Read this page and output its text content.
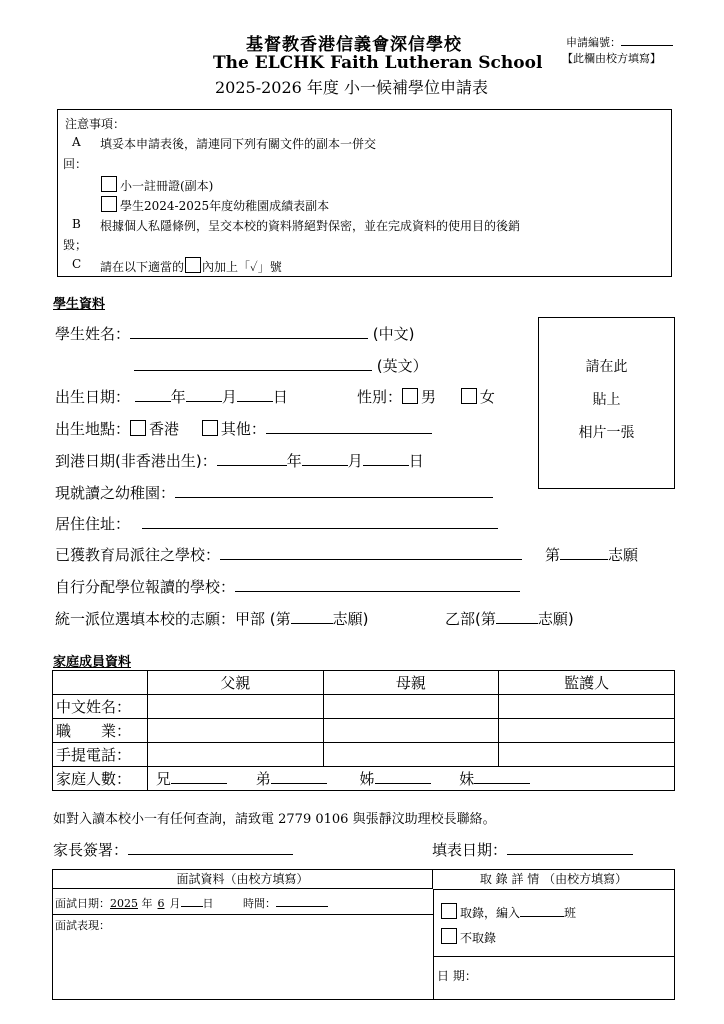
基督教香港信義會深信學校
The ELCHK Faith Lutheran School
2025-2026 年度 小一候補學位申請表
申請編號：
【此欄由校方填寫】
注意事項：
A 填妥本申請表後，請連同下列有關文件的副本一併交
回：
小一註冊證(副本)
學生2024-2025年度幼稚園成績表副本
B 根據個人私隱條例，呈交本校的資料將絕對保密，並在完成資料的使用目的後銷
毀；
C 請在以下適當的 內加上「✓」號
學生資料
學生姓名：	(中文)
(英文）
出生日期：	年 月 日	性別： 男	女
出生地點： 香港	其他：
到港日期(非香港出生)：	年	月	日
現就讀之幼稚園：
居住住址：
已獲教育局派往之學校：	第	志願
自行分配學位報讀的學校：
統一派位選填本校的志願：甲部 (第	志願)	乙部(第	志願)
請在此
貼上
相片一張
家庭成員資料
	父親	母親	監護人
中文姓名：			
職　　業：			
手提電話：			
家庭人數：	兄 弟 姊 妹		
如對入讀本校小一有任何查詢，請致電 2779 0106 與張靜汶助理校長聯絡。
家長簽署：	填表日期：
面試資料（由校方填寫）	取 錄 詳 情 （由校方填寫）
面試日期：2025 年 6 月 日	時間：
面試表現：
取錄，編入	班
不取錄
日 期：
